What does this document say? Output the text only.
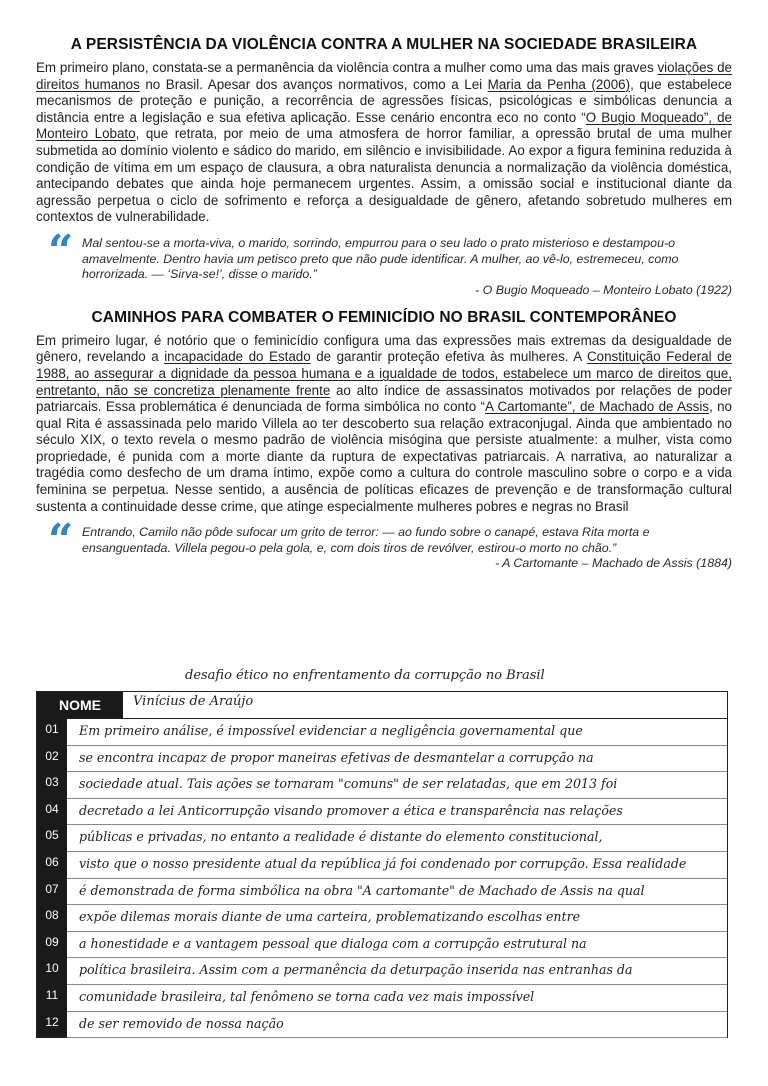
A PERSISTÊNCIA DA VIOLÊNCIA CONTRA A MULHER NA SOCIEDADE BRASILEIRA

Em primeiro plano, constata-se a permanência da violência contra a mulher como uma das mais graves violações de direitos humanos no Brasil. Apesar dos avanços normativos, como a Lei Maria da Penha (2006), que estabelece mecanismos de proteção e punição, a recorrência de agressões físicas, psicológicas e simbólicas denuncia a distância entre a legislação e sua efetiva aplicação. Esse cenário encontra eco no conto “O Bugio Moqueado”, de Monteiro Lobato, que retrata, por meio de uma atmosfera de horror familiar, a opressão brutal de uma mulher submetida ao domínio violento e sádico do marido, em silêncio e invisibilidade. Ao expor a figura feminina reduzida à condição de vítima em um espaço de clausura, a obra naturalista denuncia a normalização da violência doméstica, antecipando debates que ainda hoje permanecem urgentes. Assim, a omissão social e institucional diante da agressão perpetua o ciclo de sofrimento e reforça a desigualdade de gênero, afetando sobretudo mulheres em contextos de vulnerabilidade.

“ Mal sentou-se a morta-viva, o marido, sorrindo, empurrou para o seu lado o prato misterioso e destampou-o amavelmente. Dentro havia um petisco preto que não pude identificar. A mulher, ao vê-lo, estremeceu, como horrorizada. — ‘Sirva-se!’, disse o marido.”
- O Bugio Moqueado – Monteiro Lobato (1922)
CAMINHOS PARA COMBATER O FEMINICÍDIO NO BRASIL CONTEMPORÂNEO

Em primeiro lugar, é notório que o feminicídio configura uma das expressões mais extremas da desigualdade de gênero, revelando a incapacidade do Estado de garantir proteção efetiva às mulheres. A Constituição Federal de 1988, ao assegurar a dignidade da pessoa humana e a igualdade de todos, estabelece um marco de direitos que, entretanto, não se concretiza plenamente frente ao alto índice de assassinatos motivados por relações de poder patriarcais. Essa problemática é denunciada de forma simbólica no conto “A Cartomante”, de Machado de Assis, no qual Rita é assassinada pelo marido Villela ao ter descoberto sua relação extraconjugal. Ainda que ambientado no século XIX, o texto revela o mesmo padrão de violência misógina que persiste atualmente: a mulher, vista como propriedade, é punida com a morte diante da ruptura de expectativas patriarcais. A narrativa, ao naturalizar a tragédia como desfecho de um drama íntimo, expõe como a cultura do controle masculino sobre o corpo e a vida feminina se perpetua. Nesse sentido, a ausência de políticas eficazes de prevenção e de transformação cultural sustenta a continuidade desse crime, que atinge especialmente mulheres pobres e negras no Brasil

“ Entrando, Camilo não pôde sufocar um grito de terror: — ao fundo sobre o canapé, estava Rita morta e ensanguentada. Villela pegou-o pela gola, e, com dois tiros de revólver, estirou-o morto no chão.”
- A Cartomante – Machado de Assis (1884)
desafio ético no enfrentamento da corrupção no Brasil
NOME	Vinícius de Araújo
01	Em primeiro análise, é impossível evidenciar a negligência governamental que
02	se encontra incapaz de propor maneiras efetivas de desmantelar a corrupção na
03	sociedade atual. Tais ações se tornaram "comuns" de ser relatadas, que em 2013 foi
04	decretado a lei Anticorrupção visando promover a ética e transparência nas relações
05	públicas e privadas, no entanto a realidade é distante do elemento constitucional,
06	visto que o nosso presidente atual da república já foi condenado por corrupção. Essa realidade
07	é demonstrada de forma simbólica na obra "A cartomante" de Machado de Assis na qual
08	expõe dilemas morais diante de uma carteira, problematizando escolhas entre
09	a honestidade e a vantagem pessoal que dialoga com a corrupção estrutural na
10	política brasileira. Assim com a permanência da deturpação inserida nas entranhas da
11	comunidade brasileira, tal fenômeno se torna cada vez mais impossível
12	de ser removido de nossa nação
